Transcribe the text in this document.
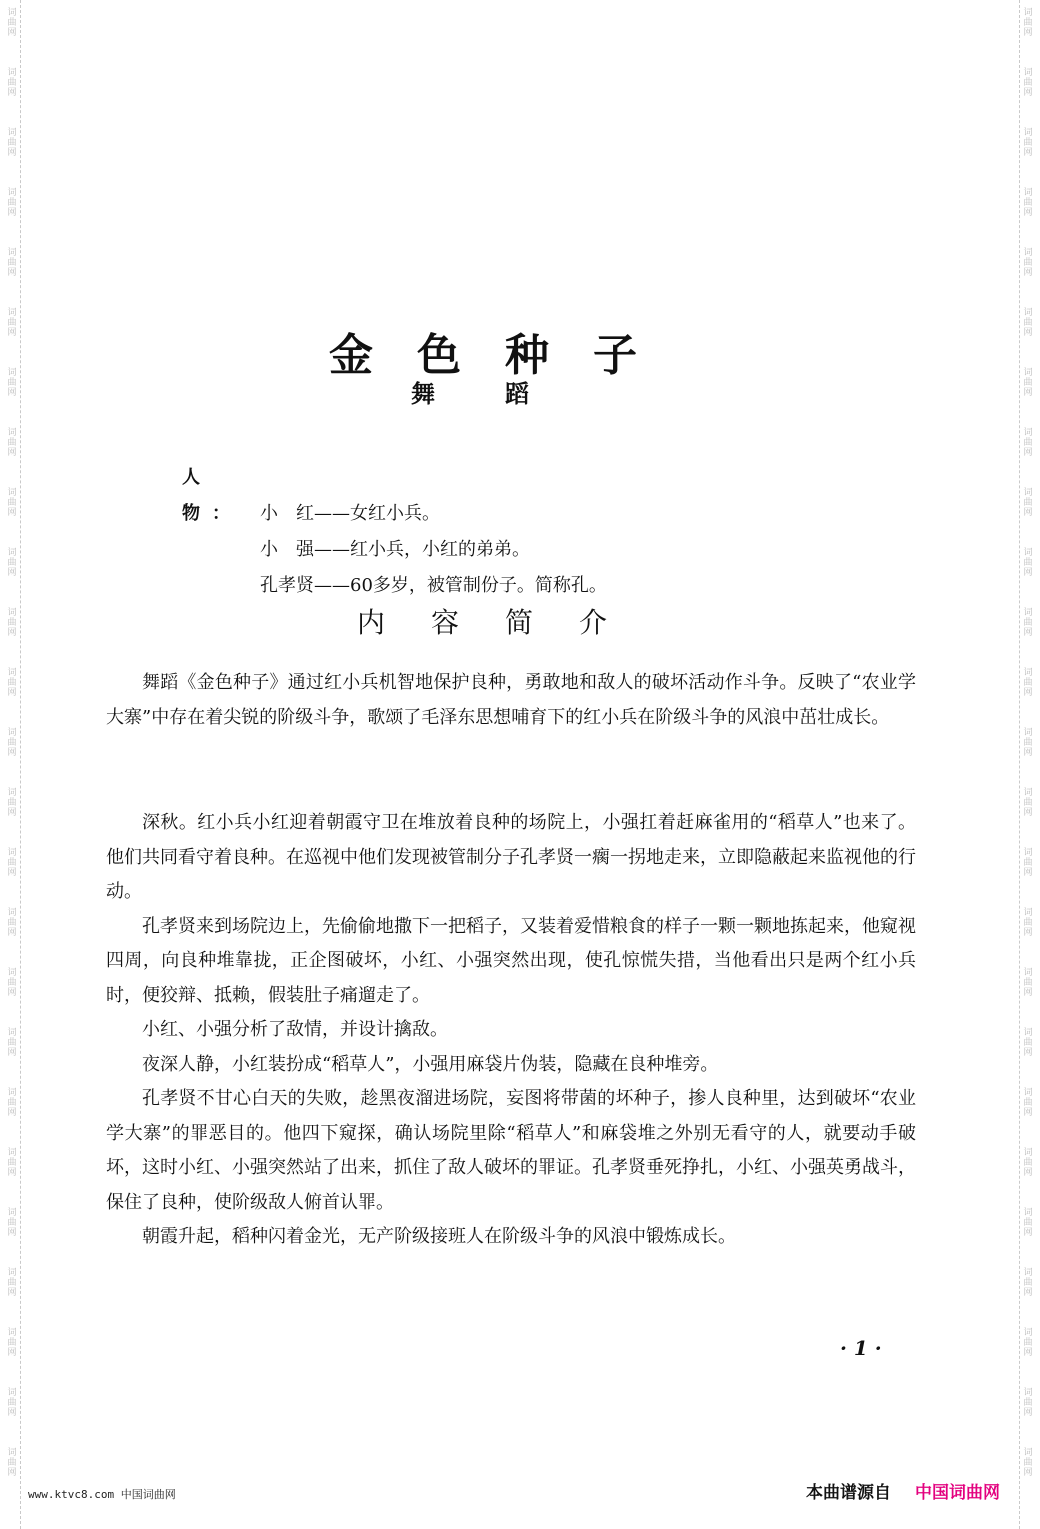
词
曲
网
词
曲
网
词
曲
网
词
曲
网
词
曲
网
词
曲
网
词
曲
网
词
曲
网
词
曲
网
词
曲
网
词
曲
网
词
曲
网
词
曲
网
词
曲
网
词
曲
网
词
曲
网
词
曲
网
词
曲
网
词
曲
网
词
曲
网
词
曲
网
词
曲
网
词
曲
网
词
曲
网
词
曲
网
词
曲
网
词
曲
网
词
曲
网
词
曲
网
词
曲
网
词
曲
网
词
曲
网
词
曲
网
词
曲
网
词
曲
网
词
曲
网
词
曲
网
词
曲
网
词
曲
网
词
曲
网
词
曲
网
词
曲
网
词
曲
网
词
曲
网
词
曲
网
词
曲
网
词
曲
网
词
曲
网
词
曲
网
词
曲
网
金色种子
舞蹈
人物： 小　红——女红小兵。
小　强——红小兵，小红的弟弟。
孔孝贤——60多岁，被管制份子。简称孔。
内容简介

舞蹈《金色种子》通过红小兵机智地保护良种，勇敢地和敌人的破坏活动作斗争。反映了“农业学大寨”中存在着尖锐的阶级斗争，歌颂了毛泽东思想哺育下的红小兵在阶级斗争的风浪中茁壮成长。

深秋。红小兵小红迎着朝霞守卫在堆放着良种的场院上，小强扛着赶麻雀用的“稻草人”也来了。他们共同看守着良种。在巡视中他们发现被管制分子孔孝贤一瘸一拐地走来，立即隐蔽起来监视他的行动。

孔孝贤来到场院边上，先偷偷地撒下一把稻子，又装着爱惜粮食的样子一颗一颗地拣起来，他窥视四周，向良种堆靠拢，正企图破坏，小红、小强突然出现，使孔惊慌失措，当他看出只是两个红小兵时，便狡辩、抵赖，假装肚子痛遛走了。

小红、小强分析了敌情，并设计擒敌。

夜深人静，小红装扮成“稻草人”，小强用麻袋片伪装，隐藏在良种堆旁。

孔孝贤不甘心白天的失败，趁黑夜溜进场院，妄图将带菌的坏种子，掺人良种里，达到破坏“农业学大寨”的罪恶目的。他四下窥探，确认场院里除“稻草人”和麻袋堆之外别无看守的人，就要动手破坏，这时小红、小强突然站了出来，抓住了敌人破坏的罪证。孔孝贤垂死挣扎，小红、小强英勇战斗，保住了良种，使阶级敌人俯首认罪。

朝霞升起，稻种闪着金光，无产阶级接班人在阶级斗争的风浪中锻炼成长。

· 1 ·
www.ktvc8.com 中国词曲网	本曲谱源自 中国词曲网
